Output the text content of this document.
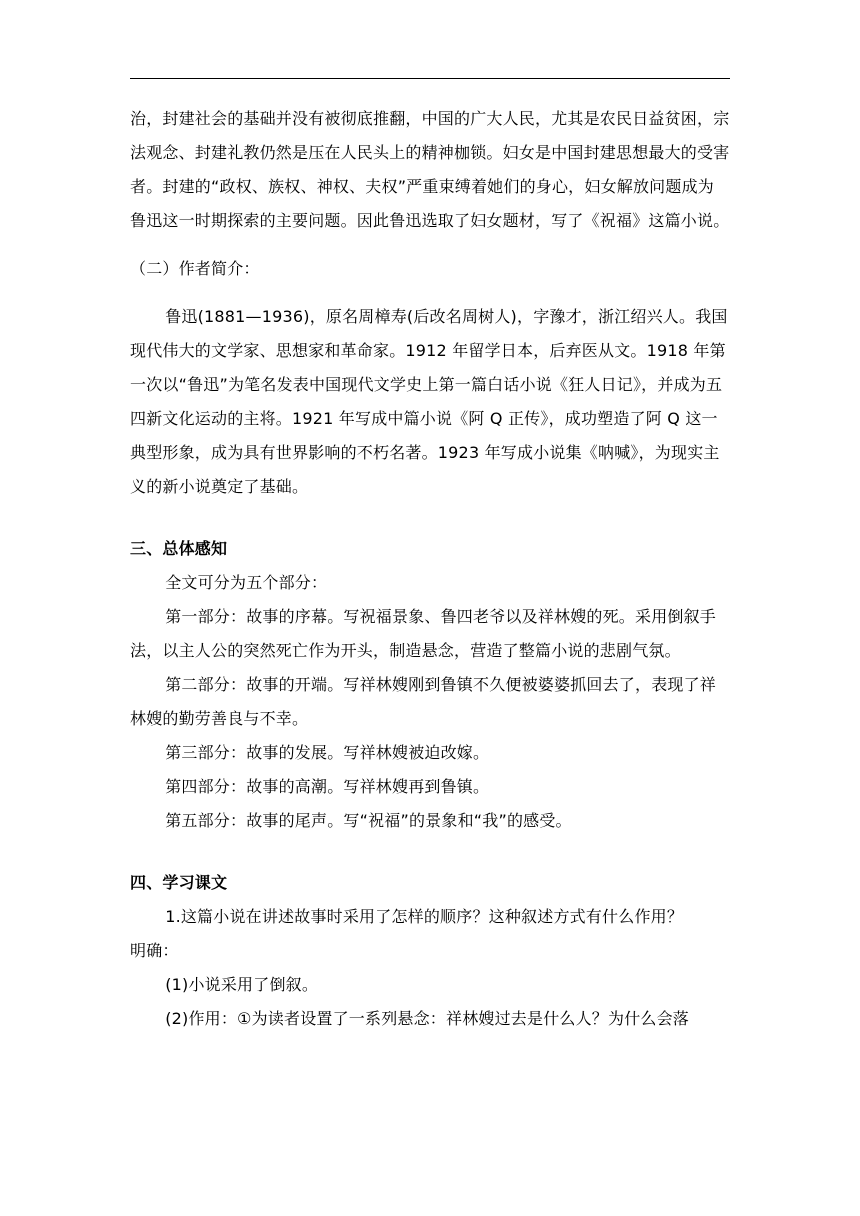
治，封建社会的基础并没有被彻底推翻，中国的广大人民，尤其是农民日益贫困，宗法观念、封建礼教仍然是压在人民头上的精神枷锁。妇女是中国封建思想最大的受害者。封建的“政权、族权、神权、夫权”严重束缚着她们的身心，妇女解放问题成为鲁迅这一时期探索的主要问题。因此鲁迅选取了妇女题材，写了《祝福》这篇小说。

（二）作者简介：

鲁迅(1881—1936)，原名周樟寿(后改名周树人)，字豫才，浙江绍兴人。我国现代伟大的文学家、思想家和革命家。1912 年留学日本，后弃医从文。1918 年第一次以“鲁迅”为笔名发表中国现代文学史上第一篇白话小说《狂人日记》，并成为五四新文化运动的主将。1921 年写成中篇小说《阿 Q 正传》，成功塑造了阿 Q 这一典型形象，成为具有世界影响的不朽名著。1923 年写成小说集《呐喊》，为现实主义的新小说奠定了基础。

三、总体感知

全文可分为五个部分：

第一部分：故事的序幕。写祝福景象、鲁四老爷以及祥林嫂的死。采用倒叙手法，以主人公的突然死亡作为开头，制造悬念，营造了整篇小说的悲剧气氛。

第二部分：故事的开端。写祥林嫂刚到鲁镇不久便被婆婆抓回去了，表现了祥林嫂的勤劳善良与不幸。

第三部分：故事的发展。写祥林嫂被迫改嫁。

第四部分：故事的高潮。写祥林嫂再到鲁镇。

第五部分：故事的尾声。写“祝福”的景象和“我”的感受。

四、学习课文

1.这篇小说在讲述故事时采用了怎样的顺序？这种叙述方式有什么作用？

明确：

(1)小说采用了倒叙。

(2)作用：①为读者设置了一系列悬念：祥林嫂过去是什么人？为什么会落
